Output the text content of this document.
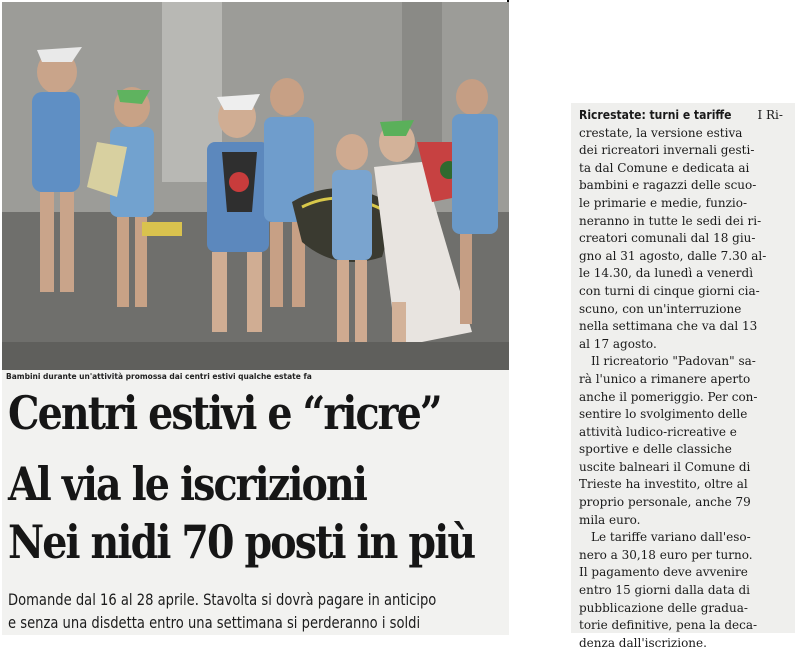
Bambini durante un'attività promossa dai centri estivi qualche estate fa
Centri estivi e “ricre”
Al via le iscrizioni
Nei nidi 70 posti in più

Domande dal 16 al 28 aprile. Stavolta si dovrà pagare in anticipo

e senza una disdetta entro una settimana si perderanno i soldi

Ricrestate: turni e tariffe I Ri-
crestate, la versione estiva
dei ricreatori invernali gesti-
ta dal Comune e dedicata ai
bambini e ragazzi delle scuo-
le primarie e medie, funzio-
neranno in tutte le sedi dei ri-
creatori comunali dal 18 giu-
gno al 31 agosto, dalle 7.30 al-
le 14.30, da lunedì a venerdì
con turni di cinque giorni cia-
scuno, con un'interruzione
nella settimana che va dal 13
al 17 agosto.
Il ricreatorio "Padovan" sa-
rà l'unico a rimanere aperto
anche il pomeriggio. Per con-
sentire lo svolgimento delle
attività ludico-ricreative e
sportive e delle classiche
uscite balneari il Comune di
Trieste ha investito, oltre al
proprio personale, anche 79
mila euro.
Le tariffe variano dall'eso-
nero a 30,18 euro per turno.
Il pagamento deve avvenire
entro 15 giorni dalla data di
pubblicazione delle gradua-
torie definitive, pena la deca-
denza dall'iscrizione.
